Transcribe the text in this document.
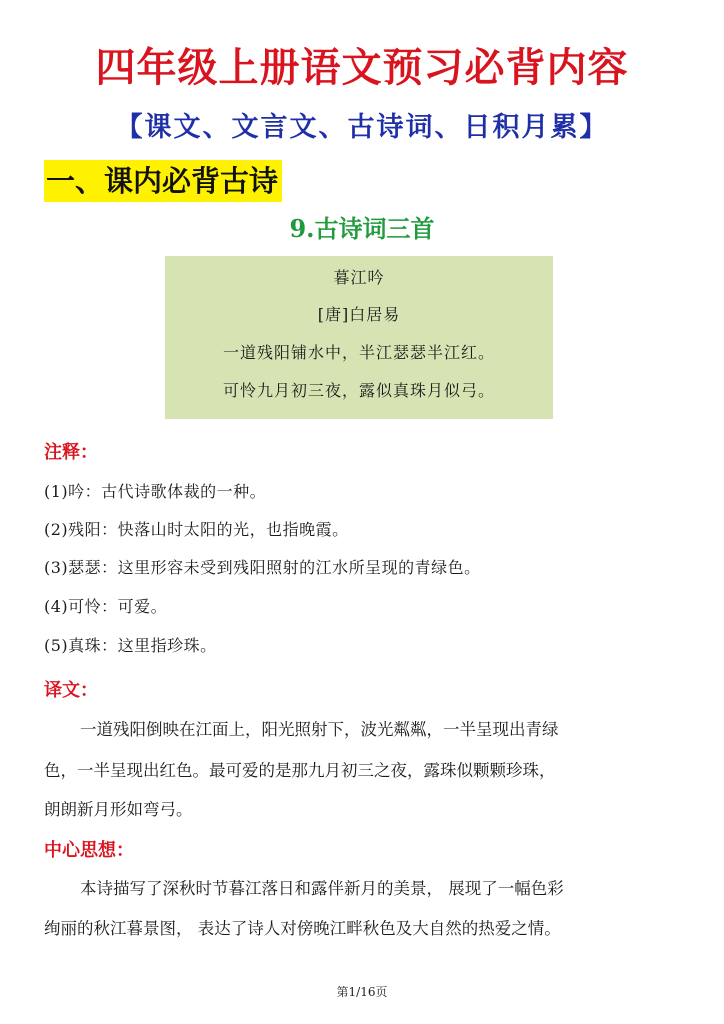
四年级上册语文预习必背内容
【课文、文言文、古诗词、日积月累】
一、课内必背古诗
9.古诗词三首
暮江吟
[唐]白居易
一道残阳铺水中，半江瑟瑟半江红。
可怜九月初三夜，露似真珠月似弓。
注释：
(1)吟：古代诗歌体裁的一种。
(2)残阳：快落山时太阳的光，也指晚霞。
(3)瑟瑟：这里形容未受到残阳照射的江水所呈现的青绿色。
(4)可怜：可爱。
(5)真珠：这里指珍珠。
译文：
一道残阳倒映在江面上，阳光照射下，波光粼粼，一半呈现出青绿
色，一半呈现出红色。最可爱的是那九月初三之夜，露珠似颗颗珍珠，
朗朗新月形如弯弓。
中心思想：
本诗描写了深秋时节暮江落日和露伴新月的美景， 展现了一幅色彩
绚丽的秋江暮景图， 表达了诗人对傍晚江畔秋色及大自然的热爱之情。
第1/16页
